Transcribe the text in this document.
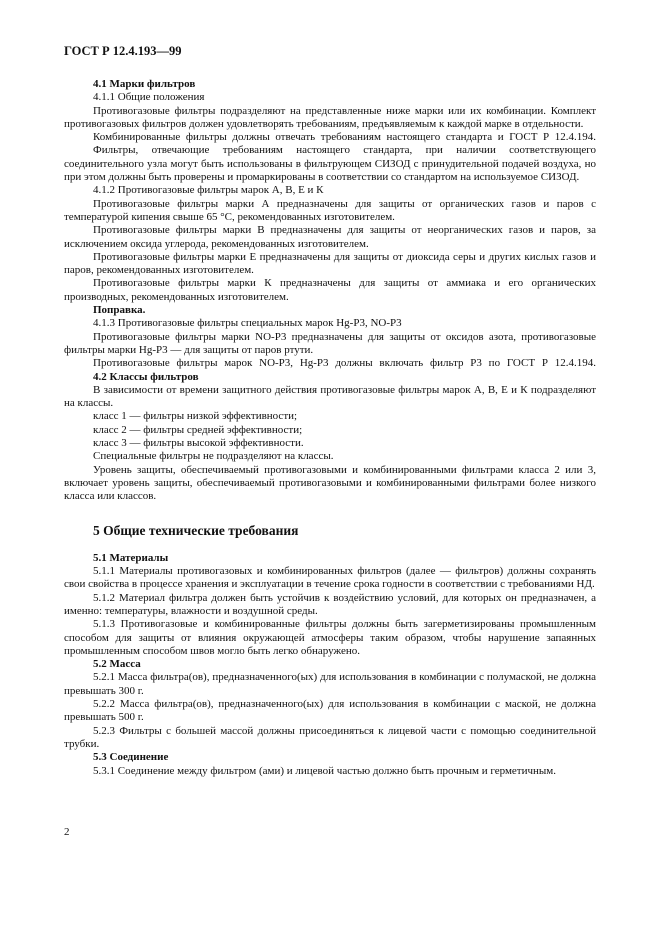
ГОСТ Р 12.4.193—99
4.1 Марки фильтров

4.1.1 Общие положения

Противогазовые фильтры подразделяют на представленные ниже марки или их комбинации. Комплект противогазовых фильтров должен удовлетворять требованиям, предъявляемым к каждой марке в отдельности.

Комбинированные фильтры должны отвечать требованиям настоящего стандарта и ГОСТ Р 12.4.194.

Фильтры, отвечающие требованиям настоящего стандарта, при наличии соответствующего соединительного узла могут быть использованы в фильтрующем СИЗОД с принудительной подачей воздуха, но при этом должны быть проверены и промаркированы в соответствии со стандартом на используемое СИЗОД.

4.1.2 Противогазовые фильтры марок А, В, Е и К

Противогазовые фильтры марки А предназначены для защиты от органических газов и паров с температурой кипения свыше 65 °С, рекомендованных изготовителем.

Противогазовые фильтры марки В предназначены для защиты от неорганических газов и паров, за исключением оксида углерода, рекомендованных изготовителем.

Противогазовые фильтры марки Е предназначены для защиты от диоксида серы и других кислых газов и паров, рекомендованных изготовителем.

Противогазовые фильтры марки К предназначены для защиты от аммиака и его органических производных, рекомендованных изготовителем.

Поправка.

4.1.3 Противогазовые фильтры специальных марок Hg-P3, NO-P3

Противогазовые фильтры марки NO-P3 предназначены для защиты от оксидов азота, противогазовые фильтры марки Hg-P3 — для защиты от паров ртути.

Противогазовые фильтры марок NO-P3, Hg-P3 должны включать фильтр Р3 по ГОСТ Р 12.4.194.

4.2 Классы фильтров

В зависимости от времени защитного действия противогазовые фильтры марок А, В, Е и К подразделяют на классы.

класс 1 — фильтры низкой эффективности;

класс 2 — фильтры средней эффективности;

класс 3 — фильтры высокой эффективности.

Специальные фильтры не подразделяют на классы.

Уровень защиты, обеспечиваемый противогазовыми и комбинированными фильтрами класса 2 или 3, включает уровень защиты, обеспечиваемый противогазовыми и комбинированными фильтрами более низкого класса или классов.

5 Общие технические требования
5.1 Материалы

5.1.1 Материалы противогазовых и комбинированных фильтров (далее — фильтров) должны сохранять свои свойства в процессе хранения и эксплуатации в течение срока годности в соответствии с требованиями НД.

5.1.2 Материал фильтра должен быть устойчив к воздействию условий, для которых он предназначен, а именно: температуры, влажности и воздушной среды.

5.1.3 Противогазовые и комбинированные фильтры должны быть загерметизированы промышленным способом для защиты от влияния окружающей атмосферы таким образом, чтобы нарушение запаянных промышленным способом швов могло быть легко обнаружено.

5.2 Масса

5.2.1 Масса фильтра(ов), предназначенного(ых) для использования в комбинации с полумаской, не должна превышать 300 г.

5.2.2 Масса фильтра(ов), предназначенного(ых) для использования в комбинации с маской, не должна превышать 500 г.

5.2.3 Фильтры с большей массой должны присоединяться к лицевой части с помощью соединительной трубки.

5.3 Соединение

5.3.1 Соединение между фильтром (ами) и лицевой частью должно быть прочным и герметичным.

2
